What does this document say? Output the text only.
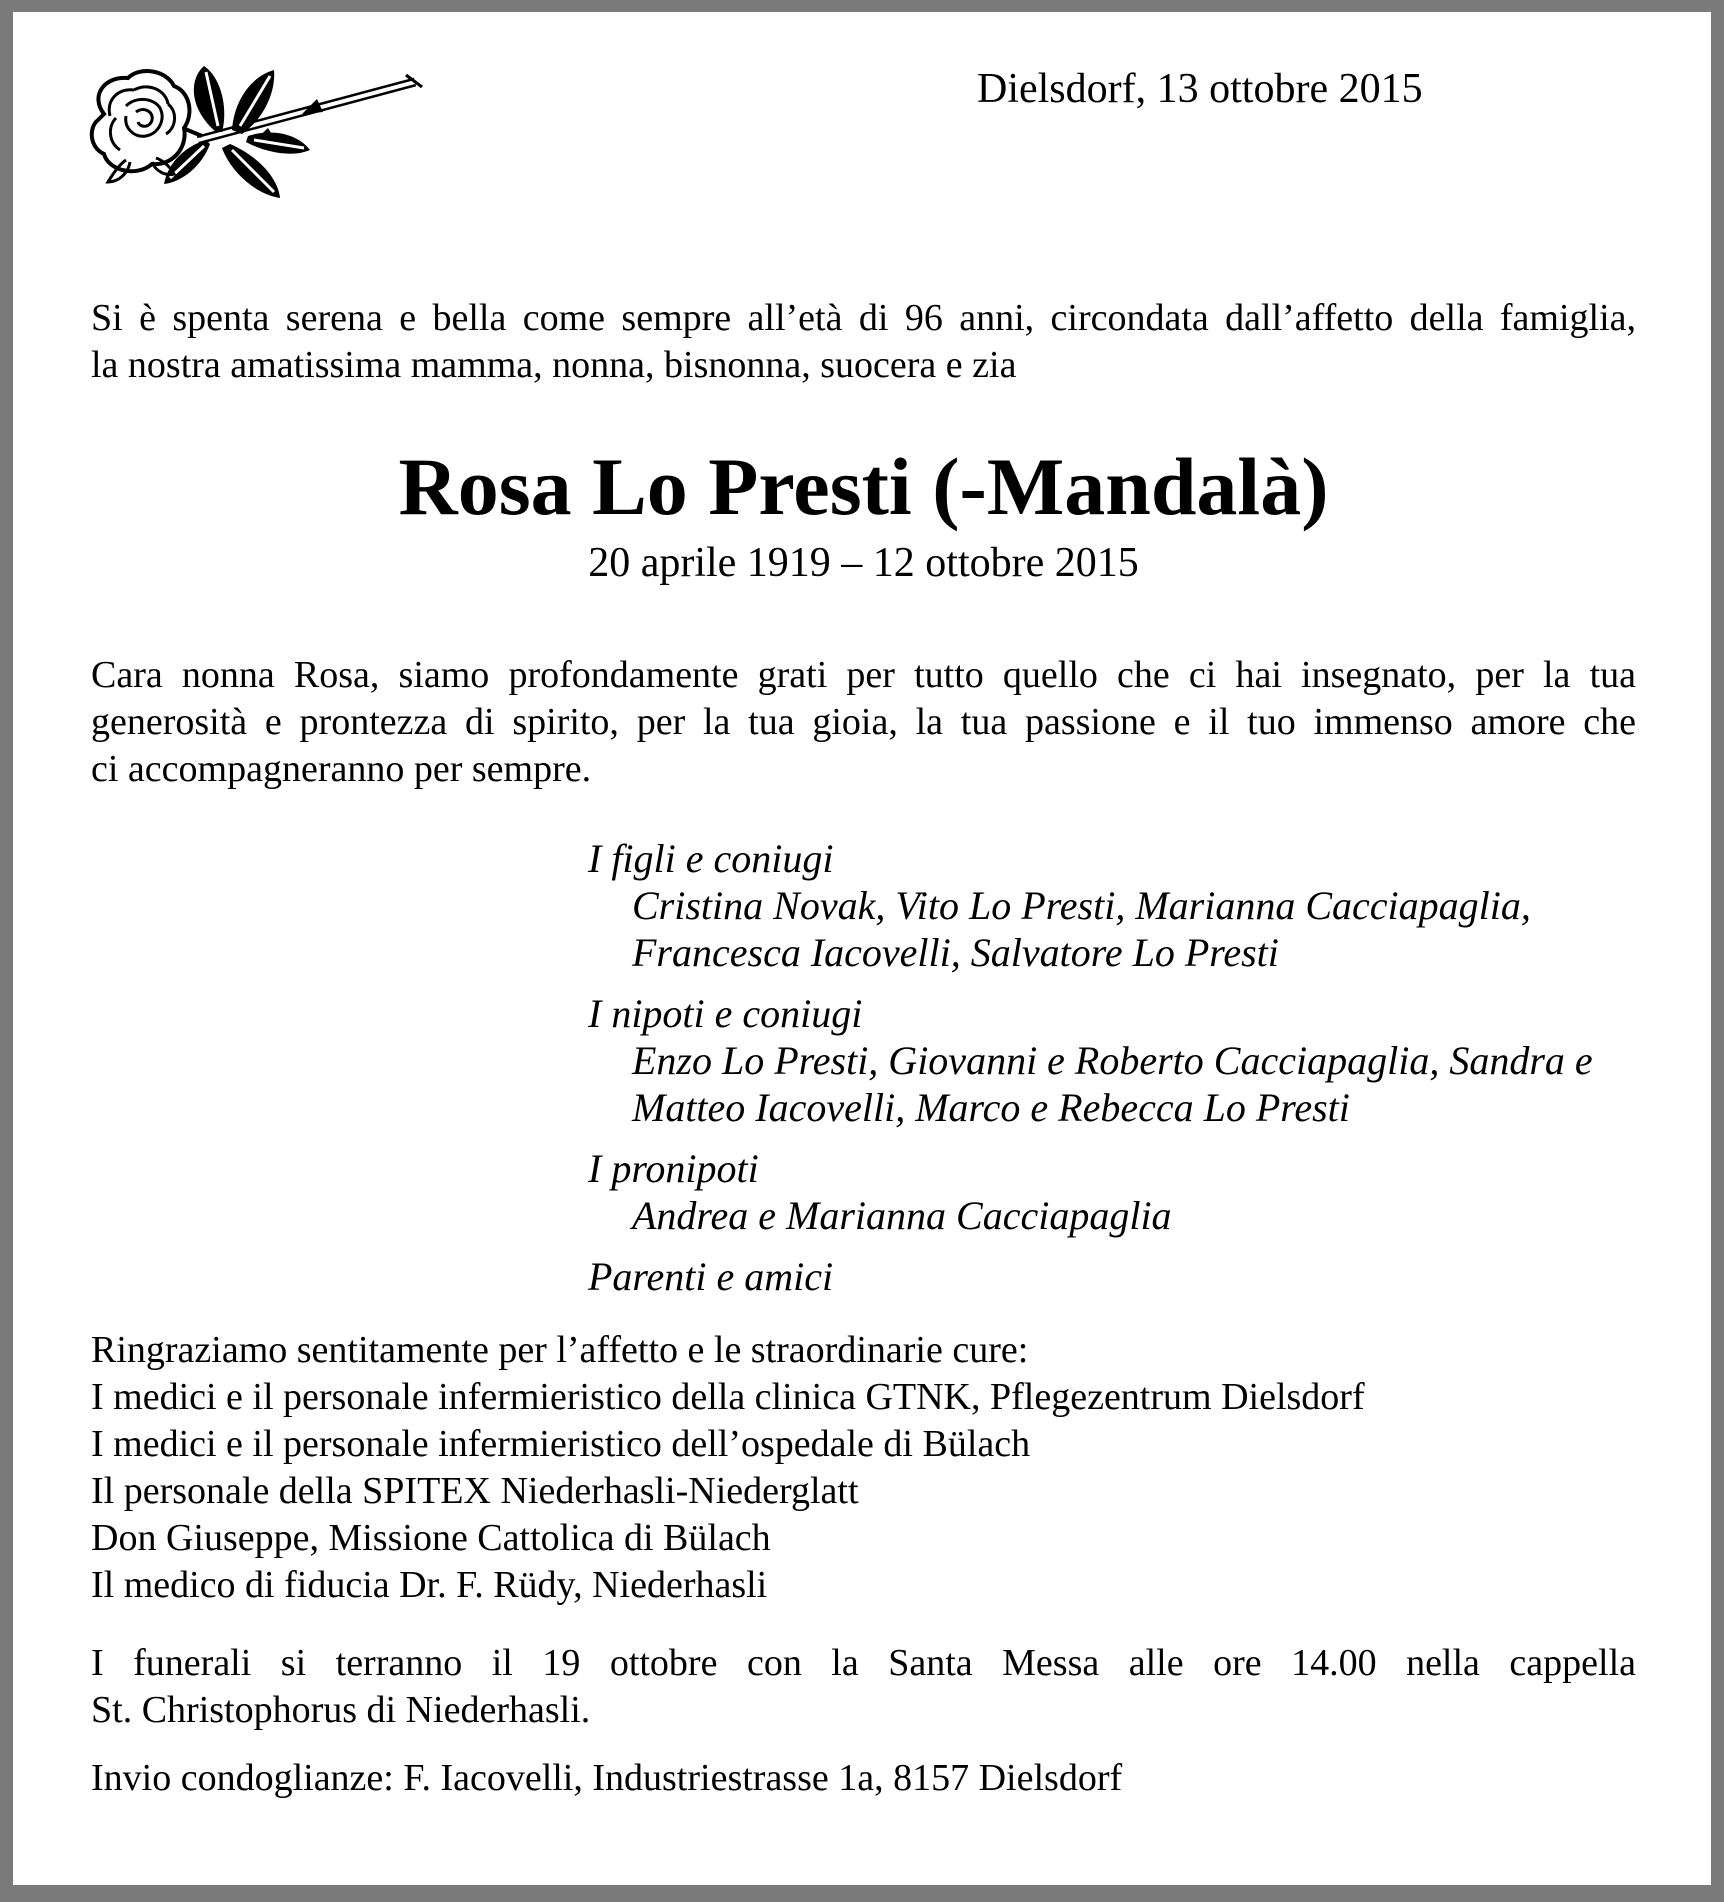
Dielsdorf, 13 ottobre 2015
Si è spenta serena e bella come sempre all’età di 96 anni, circondata dall’affetto della famiglia,
la nostra amatissima mamma, nonna, bisnonna, suocera e zia
Rosa Lo Presti (-Mandalà)
20 aprile 1919 – 12 ottobre 2015
Cara nonna Rosa, siamo profondamente grati per tutto quello che ci hai insegnato, per la tua
generosità e prontezza di spirito, per la tua gioia, la tua passione e il tuo immenso amore che
ci accompagneranno per sempre.
I figli e coniugi
Cristina Novak, Vito Lo Presti, Marianna Cacciapaglia,
Francesca Iacovelli, Salvatore Lo Presti
I nipoti e coniugi
Enzo Lo Presti, Giovanni e Roberto Cacciapaglia, Sandra e
Matteo Iacovelli, Marco e Rebecca Lo Presti
I pronipoti
Andrea e Marianna Cacciapaglia
Parenti e amici
Ringraziamo sentitamente per l’affetto e le straordinarie cure:
I medici e il personale infermieristico della clinica GTNK, Pflegezentrum Dielsdorf
I medici e il personale infermieristico dell’ospedale di Bülach
Il personale della SPITEX Niederhasli-Niederglatt
Don Giuseppe, Missione Cattolica di Bülach
Il medico di fiducia Dr. F. Rüdy, Niederhasli
I funerali si terranno il 19 ottobre con la Santa Messa alle ore 14.00 nella cappella
St. Christophorus di Niederhasli.
Invio condoglianze: F. Iacovelli, Industriestrasse 1a, 8157 Dielsdorf
